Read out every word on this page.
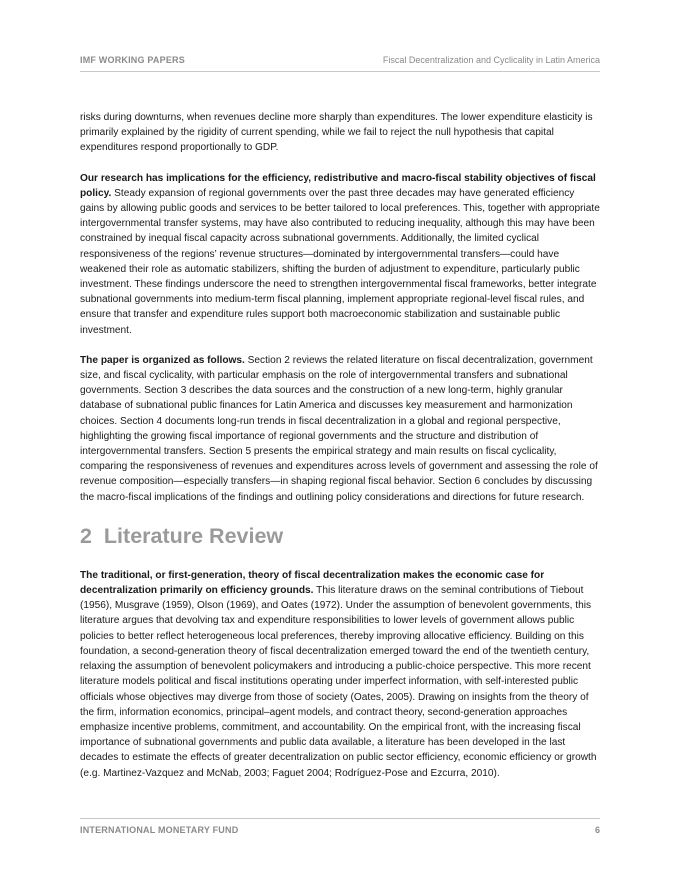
IMF WORKING PAPERS	Fiscal Decentralization and Cyclicality in Latin America

risks during downturns, when revenues decline more sharply than expenditures. The lower expenditure elasticity is primarily explained by the rigidity of current spending, while we fail to reject the null hypothesis that capital expenditures respond proportionally to GDP.

Our research has implications for the efficiency, redistributive and macro-fiscal stability objectives of fiscal policy. Steady expansion of regional governments over the past three decades may have generated efficiency gains by allowing public goods and services to be better tailored to local preferences. This, together with appropriate intergovernmental transfer systems, may have also contributed to reducing inequality, although this may have been constrained by inequal fiscal capacity across subnational governments. Additionally, the limited cyclical responsiveness of the regions’ revenue structures—dominated by intergovernmental transfers—could have weakened their role as automatic stabilizers, shifting the burden of adjustment to expenditure, particularly public investment. These findings underscore the need to strengthen intergovernmental fiscal frameworks, better integrate subnational governments into medium-term fiscal planning, implement appropriate regional-level fiscal rules, and ensure that transfer and expenditure rules support both macroeconomic stabilization and sustainable public investment.

The paper is organized as follows. Section 2 reviews the related literature on fiscal decentralization, government size, and fiscal cyclicality, with particular emphasis on the role of intergovernmental transfers and subnational governments. Section 3 describes the data sources and the construction of a new long-term, highly granular database of subnational public finances for Latin America and discusses key measurement and harmonization choices. Section 4 documents long-run trends in fiscal decentralization in a global and regional perspective, highlighting the growing fiscal importance of regional governments and the structure and distribution of intergovernmental transfers. Section 5 presents the empirical strategy and main results on fiscal cyclicality, comparing the responsiveness of revenues and expenditures across levels of government and assessing the role of revenue composition—especially transfers—in shaping regional fiscal behavior. Section 6 concludes by discussing the macro-fiscal implications of the findings and outlining policy considerations and directions for future research.

2 Literature Review

The traditional, or first-generation, theory of fiscal decentralization makes the economic case for decentralization primarily on efficiency grounds. This literature draws on the seminal contributions of Tiebout (1956), Musgrave (1959), Olson (1969), and Oates (1972). Under the assumption of benevolent governments, this literature argues that devolving tax and expenditure responsibilities to lower levels of government allows public policies to better reflect heterogeneous local preferences, thereby improving allocative efficiency. Building on this foundation, a second-generation theory of fiscal decentralization emerged toward the end of the twentieth century, relaxing the assumption of benevolent policymakers and introducing a public-choice perspective. This more recent literature models political and fiscal institutions operating under imperfect information, with self-interested public officials whose objectives may diverge from those of society (Oates, 2005). Drawing on insights from the theory of the firm, information economics, principal–agent models, and contract theory, second-generation approaches emphasize incentive problems, commitment, and accountability. On the empirical front, with the increasing fiscal importance of subnational governments and public data available, a literature has been developed in the last decades to estimate the effects of greater decentralization on public sector efficiency, economic efficiency or growth (e.g. Martinez-Vazquez and McNab, 2003; Faguet 2004; Rodríguez-Pose and Ezcurra, 2010).

INTERNATIONAL MONETARY FUND	6
